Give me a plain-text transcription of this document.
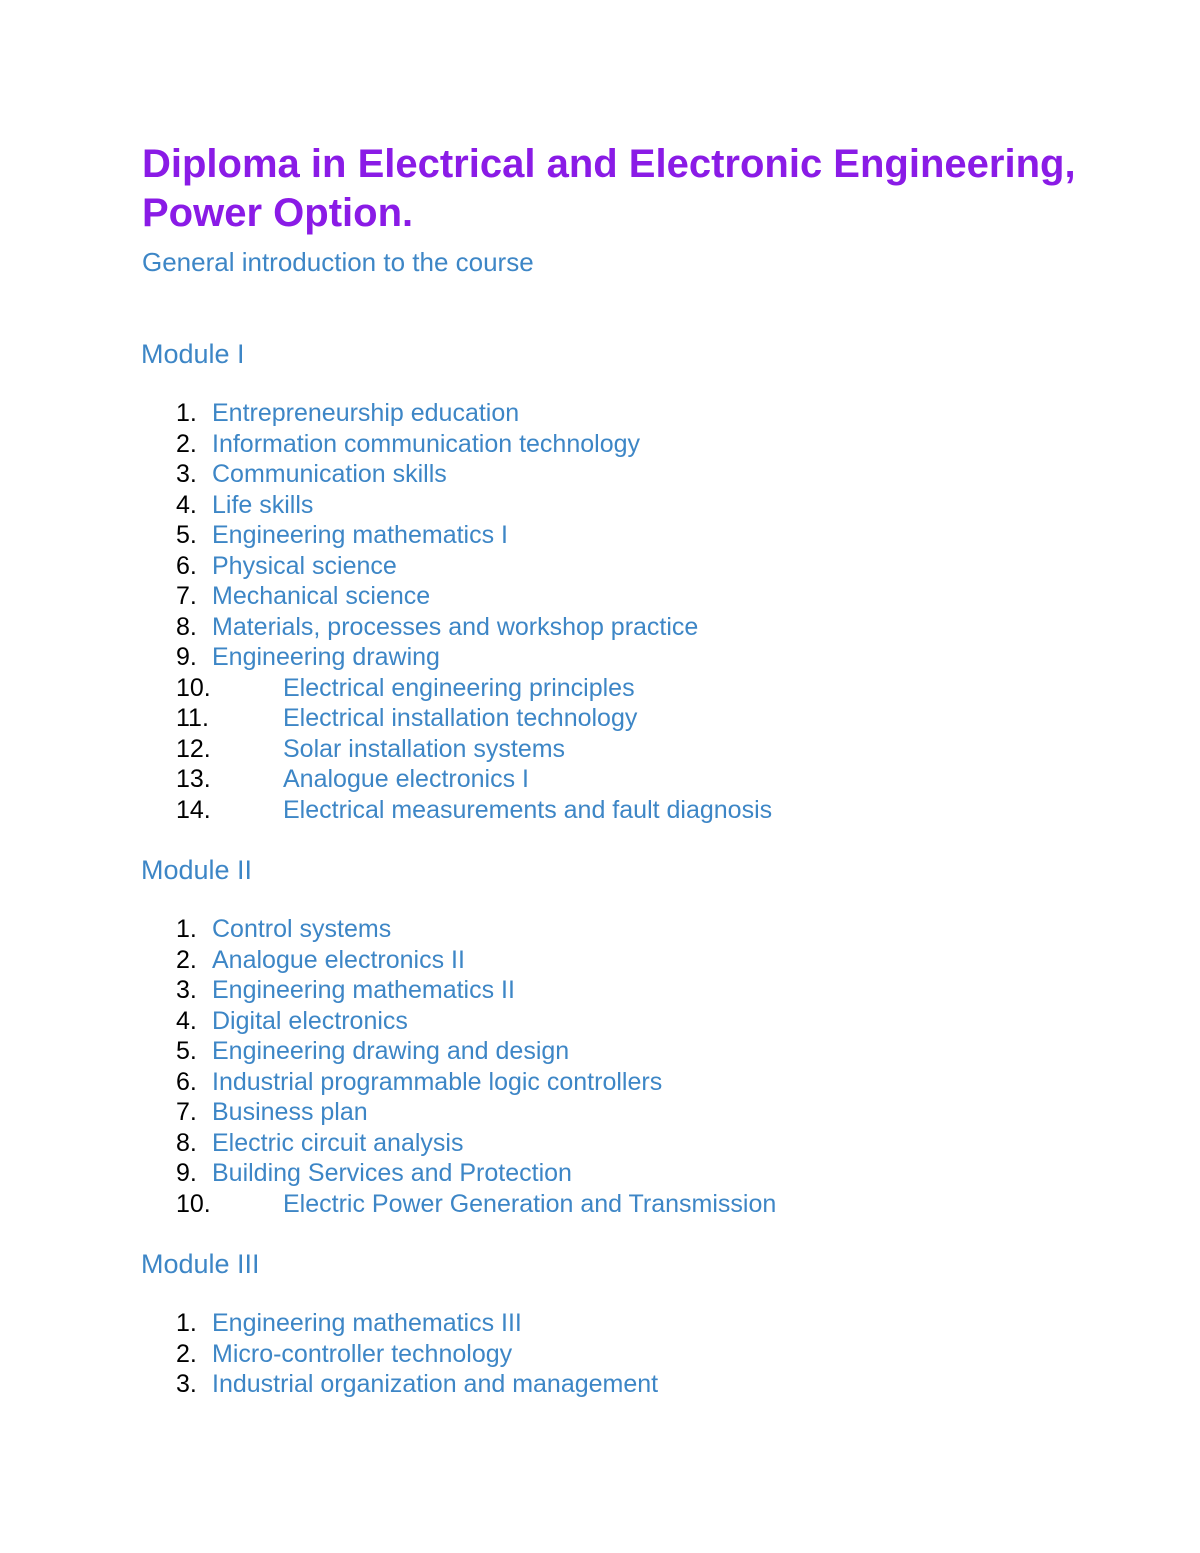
Diploma in Electrical and Electronic Engineering, Power Option.

General introduction to the course

Module I
1. Entrepreneurship education
2. Information communication technology
3. Communication skills
4. Life skills
5. Engineering mathematics I
6. Physical science
7. Mechanical science
8. Materials, processes and workshop practice
9. Engineering drawing
10.	Electrical engineering principles
11.	Electrical installation technology
12.	Solar installation systems
13.	Analogue electronics I
14.	Electrical measurements and fault diagnosis
Module II
1. Control systems
2. Analogue electronics II
3. Engineering mathematics II
4. Digital electronics
5. Engineering drawing and design
6. Industrial programmable logic controllers
7. Business plan
8. Electric circuit analysis
9. Building Services and Protection
10.	Electric Power Generation and Transmission
Module III
1. Engineering mathematics III
2. Micro-controller technology
3. Industrial organization and management
